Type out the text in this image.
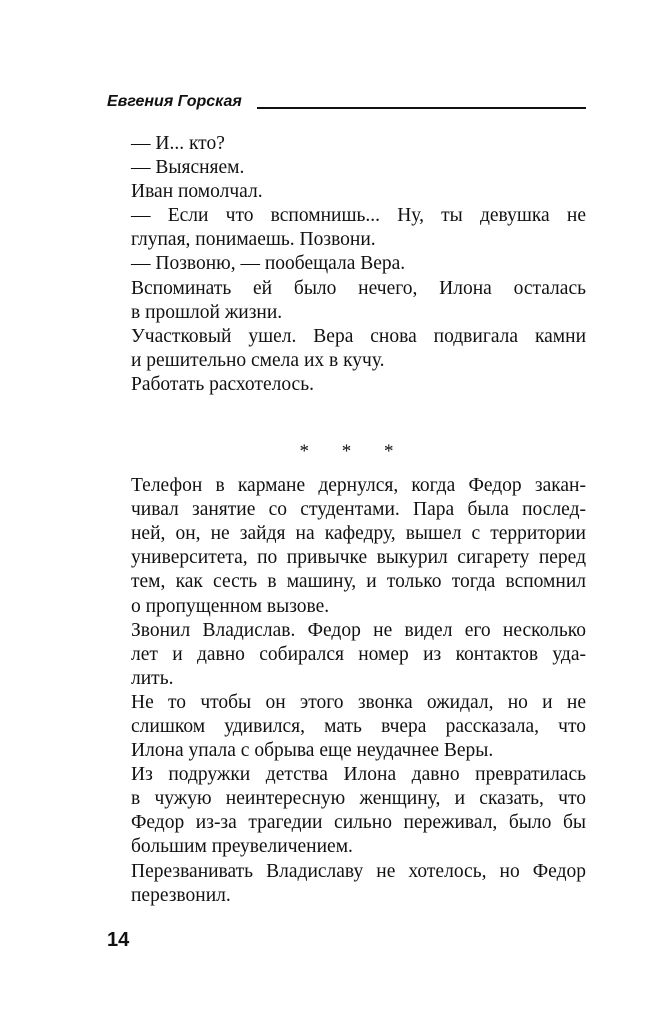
Евгения Горская
— И... кто?
— Выясняем.
Иван помолчал.
— Если что вспомнишь... Ну, ты девушка не
глупая, понимаешь. Позвони.
— Позвоню, — пообещала Вера.
Вспоминать ей было нечего, Илона осталась
в прошлой жизни.
Участковый ушел. Вера снова подвигала камни
и решительно смела их в кучу.
Работать расхотелось.
* * *
Телефон в кармане дернулся, когда Федор закан-
чивал занятие со студентами. Пара была послед-
ней, он, не зайдя на кафедру, вышел с территории
университета, по привычке выкурил сигарету перед
тем, как сесть в машину, и только тогда вспомнил
о пропущенном вызове.
Звонил Владислав. Федор не видел его несколько
лет и давно собирался номер из контактов уда-
лить.
Не то чтобы он этого звонка ожидал, но и не
слишком удивился, мать вчера рассказала, что
Илона упала с обрыва еще неудачнее Веры.
Из подружки детства Илона давно превратилась
в чужую неинтересную женщину, и сказать, что
Федор из-за трагедии сильно переживал, было бы
большим преувеличением.
Перезванивать Владиславу не хотелось, но Федор
перезвонил.
14
